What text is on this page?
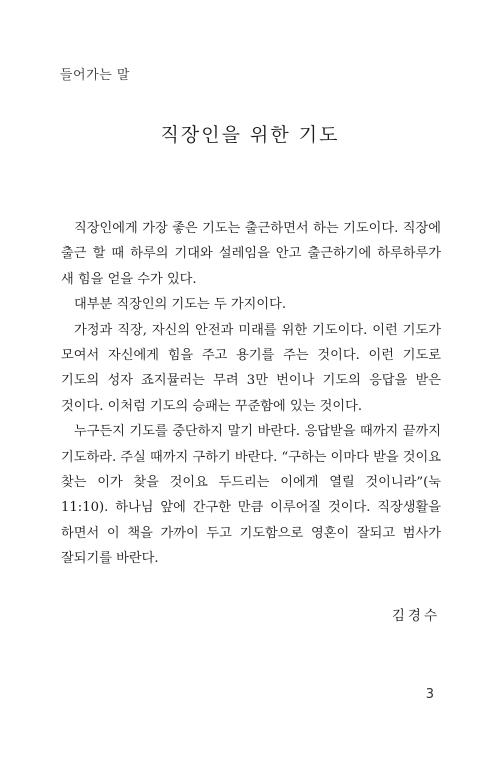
들어가는 말
직장인을 위한 기도

직장인에게 가장 좋은 기도는 출근하면서 하는 기도이다. 직장에 출근 할 때 하루의 기대와 설레임을 안고 출근하기에 하루하루가 새 힘을 얻을 수가 있다.

대부분 직장인의 기도는 두 가지이다.

가정과 직장, 자신의 안전과 미래를 위한 기도이다. 이런 기도가 모여서 자신에게 힘을 주고 용기를 주는 것이다. 이런 기도로 기도의 성자 죠지뮬러는 무려 3만 번이나 기도의 응답을 받은 것이다. 이처럼 기도의 승패는 꾸준함에 있는 것이다.

누구든지 기도를 중단하지 말기 바란다. 응답받을 때까지 끝까지 기도하라. 주실 때까지 구하기 바란다. “구하는 이마다 받을 것이요 찾는 이가 찾을 것이요 두드리는 이에게 열릴 것이니라”(눅 11:10). 하나님 앞에 간구한 만큼 이루어질 것이다. 직장생활을 하면서 이 책을 가까이 두고 기도함으로 영혼이 잘되고 범사가 잘되기를 바란다.

김경수
3
